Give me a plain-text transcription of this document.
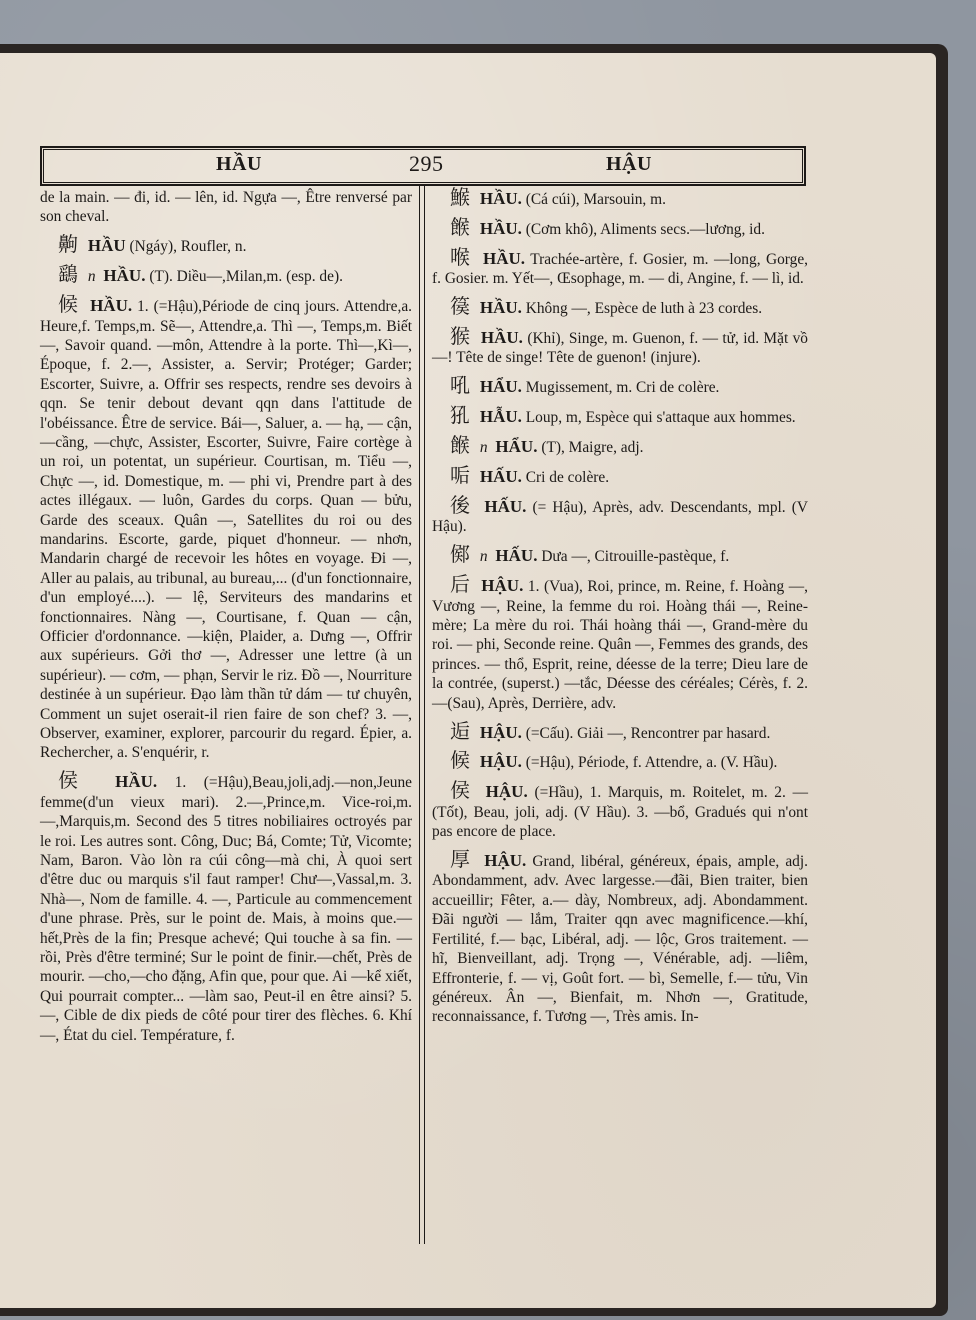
HẦU	295	HẬU

de la main. — đi, id. — lên, id. Ngựa —, Être renversé par son cheval.

齁 HẦU (Ngáy), Roufler, n.

鷂 n HẦU. (T). Diều—,Milan,m. (esp. de).

候 HẦU. 1. (=Hậu),Période de cinq jours. Attendre,a. Heure,f. Temps,m. Sẽ—, Attendre,a. Thì —, Temps,m. Biết—, Savoir quand. —môn, Attendre à la porte. Thì—,Kì—, Époque, f. 2.—, Assister, a. Servir; Protéger; Garder; Escorter, Suivre, a. Offrir ses respects, rendre ses devoirs à qqn. Se tenir debout devant qqn dans l'attitude de l'obéissance. Être de service. Bái—, Saluer, a. — hạ, — cận, —cầng, —chực, Assister, Escorter, Suivre, Faire cortège à un roi, un potentat, un supérieur. Courtisan, m. Tiểu —, Chực —, id. Domestique, m. — phi vi, Prendre part à des actes illégaux. — luôn, Gardes du corps. Quan — bửu, Garde des sceaux. Quân —, Satellites du roi ou des mandarins. Escorte, garde, piquet d'honneur. — nhơn, Mandarin chargé de recevoir les hôtes en voyage. Đi —, Aller au palais, au tribunal, au bureau,... (d'un fonctionnaire, d'un employé....). — lệ, Serviteurs des mandarins et fonctionnaires. Nàng —, Courtisane, f. Quan — cận, Officier d'ordonnance. —kiện, Plaider, a. Dưng —, Offrir aux supérieurs. Gởi thơ —, Adresser une lettre (à un supérieur). — cơm, — phạn, Servir le riz. Đồ —, Nourriture destinée à un supérieur. Đạo làm thần tử dám — tư chuyên, Comment un sujet oserait-il rien faire de son chef? 3. —, Observer, examiner, explorer, parcourir du regard. Épier, a. Rechercher, a. S'enquérir, r.

侯 HẦU. 1. (=Hậu),Beau,joli,adj.—non,Jeune femme(d'un vieux mari). 2.—,Prince,m. Vice-roi,m. —,Marquis,m. Second des 5 titres nobiliaires octroyés par le roi. Les autres sont. Công, Duc; Bá, Comte; Tử, Vicomte; Nam, Baron. Vào lòn ra cúi công—mà chi, À quoi sert d'être duc ou marquis s'il faut ramper! Chư—,Vassal,m. 3. Nhà—, Nom de famille. 4. —, Particule au commencement d'une phrase. Près, sur le point de. Mais, à moins que.—hết,Près de la fin; Presque achevé; Qui touche à sa fin. —rồi, Près d'être terminé; Sur le point de finir.—chết, Près de mourir. —cho,—cho đặng, Afin que, pour que. Ai —kể xiết, Qui pourrait compter... —làm sao, Peut-il en être ainsi? 5. —, Cible de dix pieds de côté pour tirer des flèches. 6. Khí—, État du ciel. Température, f.

鯸 HẦU. (Cá cúi), Marsouin, m.

餱 HẦU. (Cơm khô), Aliments secs.—lương, id.

喉 HẦU. Trachée-artère, f. Gosier, m. —long, Gorge, f. Gosier. m. Yết—, Œsophage, m. — di, Angine, f. — lì, id.

篌 HẦU. Không —, Espèce de luth à 23 cordes.

猴 HẦU. (Khỉ), Singe, m. Guenon, f. — tử, id. Mặt vồ —! Tête de singe! Tête de guenon! (injure).

吼 HẨU. Mugissement, m. Cri de colère.

犼 HẪU. Loup, m, Espèce qui s'attaque aux hommes.

餱 n HẨU. (T), Maigre, adj.

㖃 HẤU. Cri de colère.

後 HẤU. (= Hậu), Après, adv. Descendants, mpl. (V Hậu).

鄇 n HẤU. Dưa —, Citrouille-pastèque, f.

后 HẬU. 1. (Vua), Roi, prince, m. Reine, f. Hoàng —, Vương —, Reine, la femme du roi. Hoàng thái —, Reine-mère; La mère du roi. Thái hoàng thái —, Grand-mère du roi. — phi, Seconde reine. Quân —, Femmes des grands, des princes. — thổ, Esprit, reine, déesse de la terre; Dieu lare de la contrée, (superst.) —tắc, Déesse des céréales; Cérès, f. 2. —(Sau), Après, Derrière, adv.

逅 HẬU. (=Cấu). Giải —, Rencontrer par hasard.

候 HẬU. (=Hậu), Période, f. Attendre, a. (V. Hầu).

侯 HẬU. (=Hầu), 1. Marquis, m. Roitelet, m. 2. — (Tốt), Beau, joli, adj. (V Hầu). 3. —bổ, Gradués qui n'ont pas encore de place.

厚 HẬU. Grand, libéral, généreux, épais, ample, adj. Abondamment, adv. Avec largesse.—đãi, Bien traiter, bien accueillir; Fêter, a.— dày, Nombreux, adj. Abondamment. Đãi người — lắm, Traiter qqn avec magnificence.—khí, Fertilité, f.— bạc, Libéral, adj. — lộc, Gros traitement. — hĩ, Bienveillant, adj. Trọng —, Vénérable, adj. —liêm, Effronterie, f. — vị, Goût fort. — bì, Semelle, f.— tửu, Vin généreux. Ân —, Bienfait, m. Nhơn —, Gratitude, reconnaissance, f. Tương —, Très amis. In-
